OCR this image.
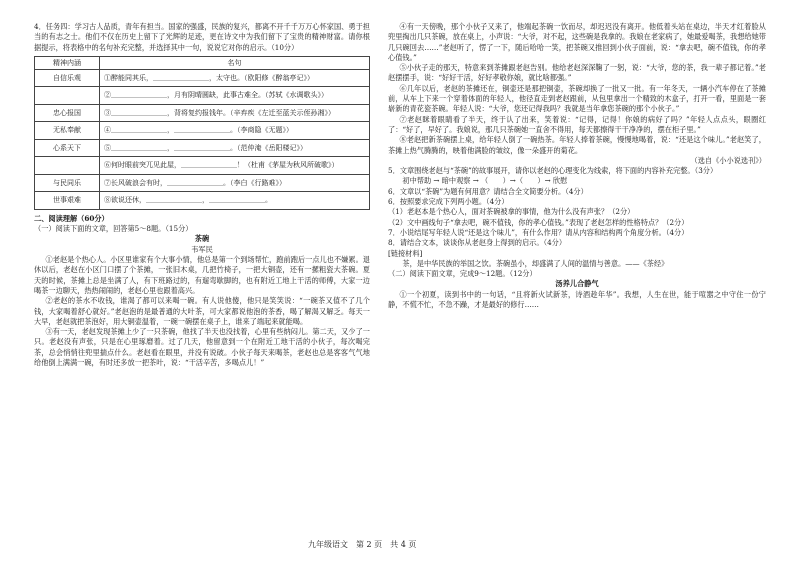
4．任务四：学习古人品质，青年有担当。国家的强盛，民族的复兴，都离不开千千万万心怀家国、勇于担当的有志之士。他们不仅在历史上留下了光辉的足迹，更在诗文中为我们留下了宝贵的精神财富。请你根据提示，将表格中的名句补充完整，并选择其中一句，说说它对你的启示。（10分）

精神内涵	名句
自信乐观	①醉能同其乐，＿＿＿＿＿＿＿＿，太守也。（欧阳修《醉翁亭记》）
	②＿＿＿＿＿＿＿＿，月有阴晴圆缺，此事古难全。（苏轼《水调歌头》）
忠心报国	③＿＿＿＿＿＿＿＿，背将复约报钱年。（辛弃疾《左迁至蓝关示侄孙湘》）
无私奉献	④＿＿＿＿＿＿＿＿，＿＿＿＿＿＿＿＿。（李商隐《无题》）
心系天下	⑤＿＿＿＿＿＿＿＿，＿＿＿＿＿＿＿＿。（范仲淹《岳阳楼记》）
	⑥何时眼前突兀见此屋，＿＿＿＿＿＿＿＿！（杜甫《茅屋为秋风所破歌》）
与民同乐	⑦长风破浪会有时，＿＿＿＿＿＿＿＿。（李白《行路难》）
世事艰难	⑧欲说还休，＿＿＿＿＿＿＿＿，＿＿＿＿＿＿＿＿。

二、阅读理解（60分）

（一）阅读下面的文章，回答第5～8题。（15分）

茶碗

韦军民

①老赵是个热心人。小区里谁家有个大事小情，他总是第一个到场帮忙，跑前跑后一点儿也不嫌累。退休以后，老赵在小区门口摆了个茶摊，一张旧木桌，几把竹椅子，一把大铜壶，还有一摞粗瓷大茶碗。夏天的时候，茶摊上总是坐满了人，有下班路过的，有遛弯歇脚的，也有附近工地上干活的师傅，大家一边喝茶一边聊天，热热闹闹的，老赵心里也跟着高兴。

②老赵的茶水不收钱，谁渴了都可以来喝一碗。有人说他傻，他只是笑笑说：“一碗茶又值不了几个钱，大家喝着舒心就好。”老赵泡的是最普通的大叶茶，可大家都说他泡的茶香，喝了解渴又解乏。每天一大早，老赵就把茶泡好，用大铜壶温着，一碗一碗摆在桌子上，谁来了端起来就能喝。

③有一天，老赵发现茶摊上少了一只茶碗，他找了半天也没找着，心里有些纳闷儿。第二天，又少了一只。老赵没有声张，只是在心里琢磨着。过了几天，他留意到一个在附近工地干活的小伙子，每次喝完茶，总会悄悄往兜里揣点什么。老赵看在眼里，并没有说破。小伙子每天来喝茶，老赵也总是客客气气地给他倒上满满一碗，有时还多放一把茶叶，说：“干活辛苦，多喝点儿！”

④有一天傍晚，那个小伙子又来了，他端起茶碗一饮而尽，却迟迟没有离开。他低着头站在桌边，半天才红着脸从兜里掏出几只茶碗，放在桌上，小声说：“大爷，对不起，这些碗是我拿的。我娘在老家病了，她最爱喝茶，我想给她带几只碗回去……”老赵听了，愣了一下，随后哈哈一笑，把茶碗又推回到小伙子面前，说：“拿去吧，碗不值钱，你的孝心值钱。”

⑤小伙子走的那天，特意来到茶摊跟老赵告别。他给老赵深深鞠了一躬，说：“大爷，您的茶，我一辈子都记着。”老赵摆摆手，说：“好好干活，好好孝敬你娘，就比啥都强。”

⑥几年以后，老赵的茶摊还在，铜壶还是那把铜壶，茶碗却换了一批又一批。有一年冬天，一辆小汽车停在了茶摊前，从车上下来一个穿着体面的年轻人，他径直走到老赵跟前，从包里拿出一个精致的木盒子，打开一看，里面是一套崭新的青花瓷茶碗。年轻人说：“大爷，您还记得我吗？我就是当年拿您茶碗的那个小伙子。”

⑦老赵眯着眼睛看了半天，终于认了出来，笑着说：“记得，记得！你娘的病好了吗？”年轻人点点头，眼圈红了：“好了，早好了。我娘说，那几只茶碗她一直舍不得用，每天都擦得干干净净的，摆在柜子里。”

⑧老赵把新茶碗摆上桌，给年轻人倒了一碗热茶。年轻人捧着茶碗，慢慢地喝着，说：“还是这个味儿。”老赵笑了，茶摊上热气腾腾的，映着他满脸的皱纹，像一朵盛开的菊花。

（选自《小小说选刊》）

5．文章围绕老赵与“茶碗”的故事展开，请你以老赵的心理变化为线索，将下面的内容补充完整。（3分）

　　初中帮助 → 暗中观察 → （　　）→（　　）→ 欣慰

6．文章以“茶碗”为题有何用意？请结合全文简要分析。（4分）

6．按照要求完成下列两小题。（4分）

（1）老赵本是个热心人，面对茶碗被拿的事情，他为什么没有声张？（2分）

（2）文中画线句子“拿去吧，碗不值钱，你的孝心值钱。”表现了老赵怎样的性格特点？（2分）

7．小说结尾写年轻人说“还是这个味儿”，有什么作用？请从内容和结构两个角度分析。（4分）

8．请结合文本，谈谈你从老赵身上得到的启示。（4分）

[链接材料]

　　茶，是中华民族的举国之饮。茶碗虽小，却盛满了人间的温情与善意。——《茶经》

（二）阅读下面文章，完成9～12题。（12分）

汤养儿合静气

①一个初夏，读到书中的一句话，“且将新火试新茶，诗酒趁年华”。我想，人生在世，能于喧嚣之中守住一份宁静，不慌不忙，不急不躁，才是最好的修行……

九年级语文　第 2 页　共 4 页
